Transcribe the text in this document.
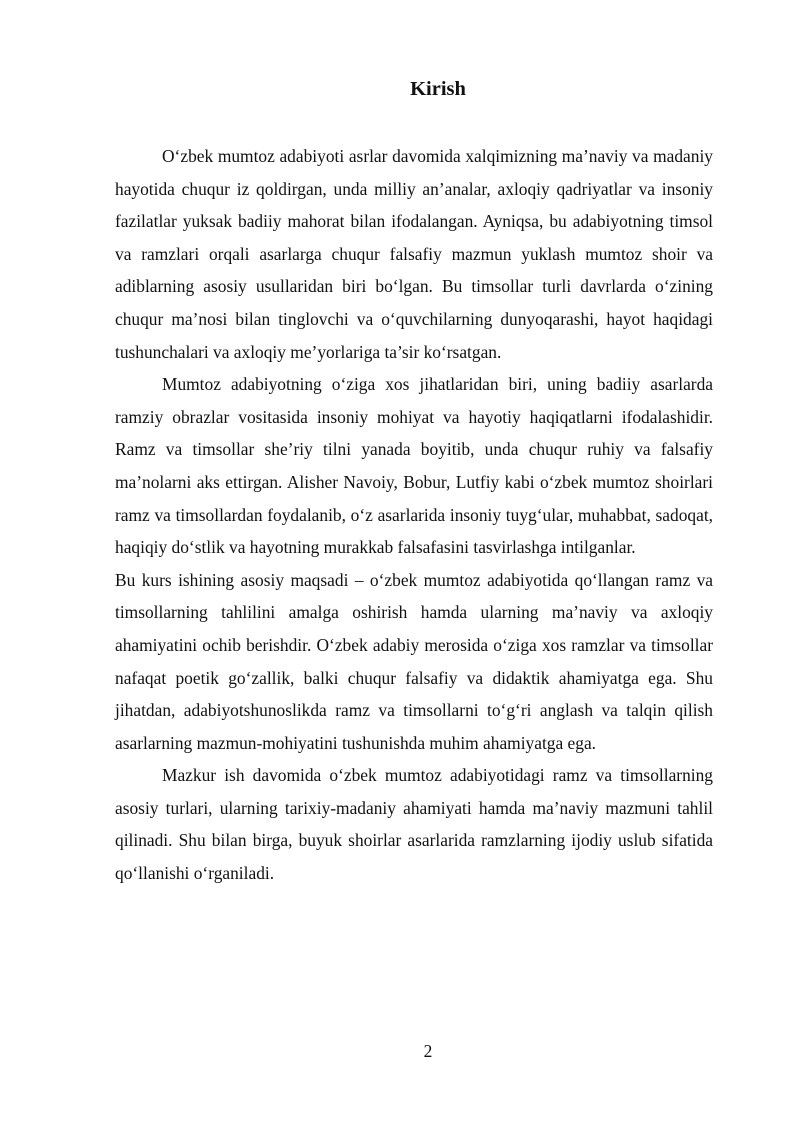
Kirish

O‘zbek mumtoz adabiyoti asrlar davomida xalqimizning ma’naviy va madaniy hayotida chuqur iz qoldirgan, unda milliy an’analar, axloqiy qadriyatlar va insoniy fazilatlar yuksak badiiy mahorat bilan ifodalangan. Ayniqsa, bu adabiyotning timsol va ramzlari orqali asarlarga chuqur falsafiy mazmun yuklash mumtoz shoir va adiblarning asosiy usullaridan biri bo‘lgan. Bu timsollar turli davrlarda o‘zining chuqur ma’nosi bilan tinglovchi va o‘quvchilarning dunyoqarashi, hayot haqidagi tushunchalari va axloqiy me’yorlariga ta’sir ko‘rsatgan.

Mumtoz adabiyotning o‘ziga xos jihatlaridan biri, uning badiiy asarlarda ramziy obrazlar vositasida insoniy mohiyat va hayotiy haqiqatlarni ifodalashidir. Ramz va timsollar she’riy tilni yanada boyitib, unda chuqur ruhiy va falsafiy ma’nolarni aks ettirgan. Alisher Navoiy, Bobur, Lutfiy kabi o‘zbek mumtoz shoirlari ramz va timsollardan foydalanib, o‘z asarlarida insoniy tuyg‘ular, muhabbat, sadoqat, haqiqiy do‘stlik va hayotning murakkab falsafasini tasvirlashga intilganlar.

Bu kurs ishining asosiy maqsadi – o‘zbek mumtoz adabiyotida qo‘llangan ramz va timsollarning tahlilini amalga oshirish hamda ularning ma’naviy va axloqiy ahamiyatini ochib berishdir. O‘zbek adabiy merosida o‘ziga xos ramzlar va timsollar nafaqat poetik go‘zallik, balki chuqur falsafiy va didaktik ahamiyatga ega. Shu jihatdan, adabiyotshunoslikda ramz va timsollarni to‘g‘ri anglash va talqin qilish asarlarning mazmun-mohiyatini tushunishda muhim ahamiyatga ega.

Mazkur ish davomida o‘zbek mumtoz adabiyotidagi ramz va timsollarning asosiy turlari, ularning tarixiy-madaniy ahamiyati hamda ma’naviy mazmuni tahlil qilinadi. Shu bilan birga, buyuk shoirlar asarlarida ramzlarning ijodiy uslub sifatida qo‘llanishi o‘rganiladi.

2
